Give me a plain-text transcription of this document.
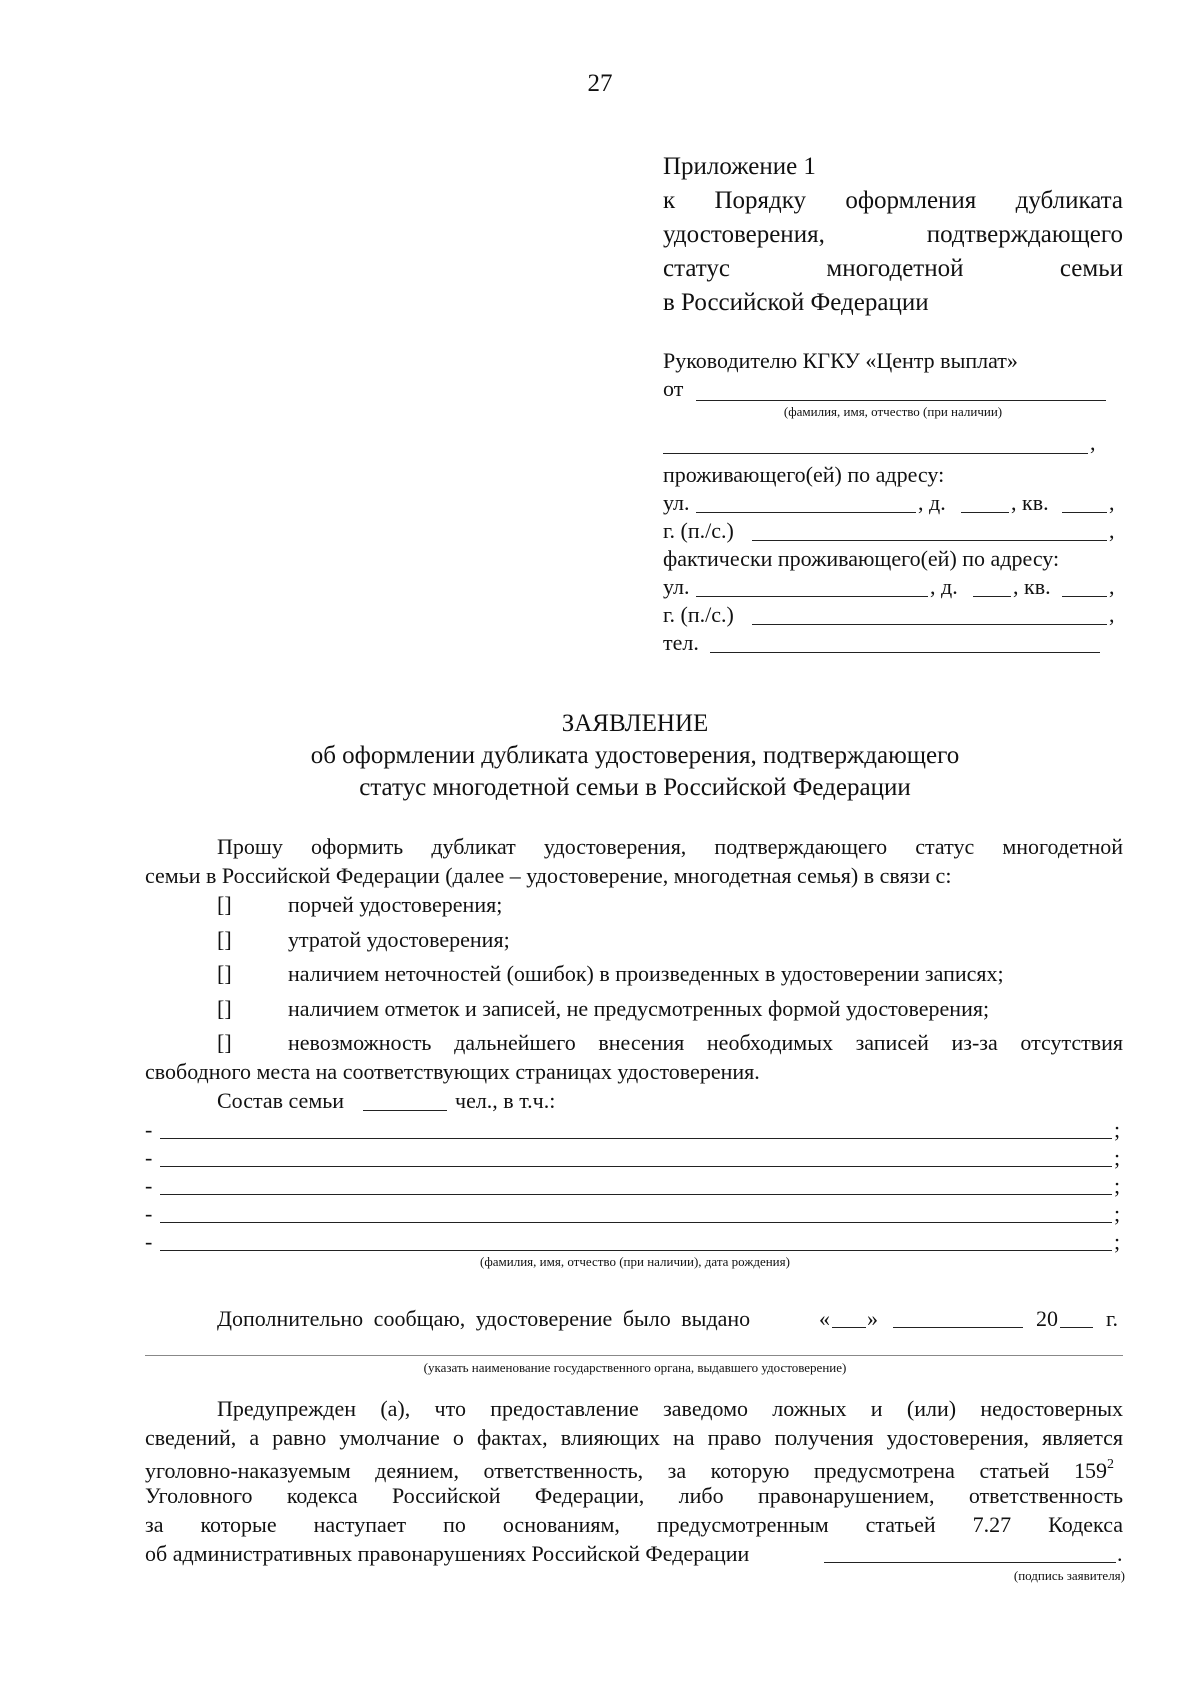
27
Приложение 1
к Порядку оформления дубликата
удостоверения, подтверждающего
статус многодетной семьи
в Российской Федерации
Руководителю КГКУ «Центр выплат»
от
(фамилия, имя, отчество (при наличии)
,
проживающего(ей) по адресу:
ул.	, д.	, кв.	,
г. (п./с.)	,
фактически проживающего(ей) по адресу:
ул.	, д.	, кв.	,
г. (п./с.)	,
тел.
ЗАЯВЛЕНИЕ
об оформлении дубликата удостоверения, подтверждающего
статус многодетной семьи в Российской Федерации
Прошу оформить дубликат удостоверения, подтверждающего статус многодетной
семьи в Российской Федерации (далее – удостоверение, многодетная семья) в связи с:
[]	порчей удостоверения;
[]	утратой удостоверения;
[]	наличием неточностей (ошибок) в произведенных в удостоверении записях;
[]	наличием отметок и записей, не предусмотренных формой удостоверения;
[]	невозможность дальнейшего внесения необходимых записей из-за отсутствия
свободного места на соответствующих страницах удостоверения.
Состав семьи	чел., в т.ч.:
-	;
-	;
-	;
-	;
-	;
(фамилия, имя, отчество (при наличии), дата рождения)
Дополнительно сообщаю, удостоверение было выдано	« »	20 г.
(указать наименование государственного органа, выдавшего удостоверение)
Предупрежден (а), что предоставление заведомо ложных и (или) недостоверных
сведений, а равно умолчание о фактах, влияющих на право получения удостоверения, является
уголовно-наказуемым деянием, ответственность, за которую предусмотрена статьей $159^2$
Уголовного кодекса Российской Федерации, либо правонарушением, ответственность
за которые наступает по основаниям, предусмотренным статьей 7.27 Кодекса
об административных правонарушениях Российской Федерации	.
(подпись заявителя)
